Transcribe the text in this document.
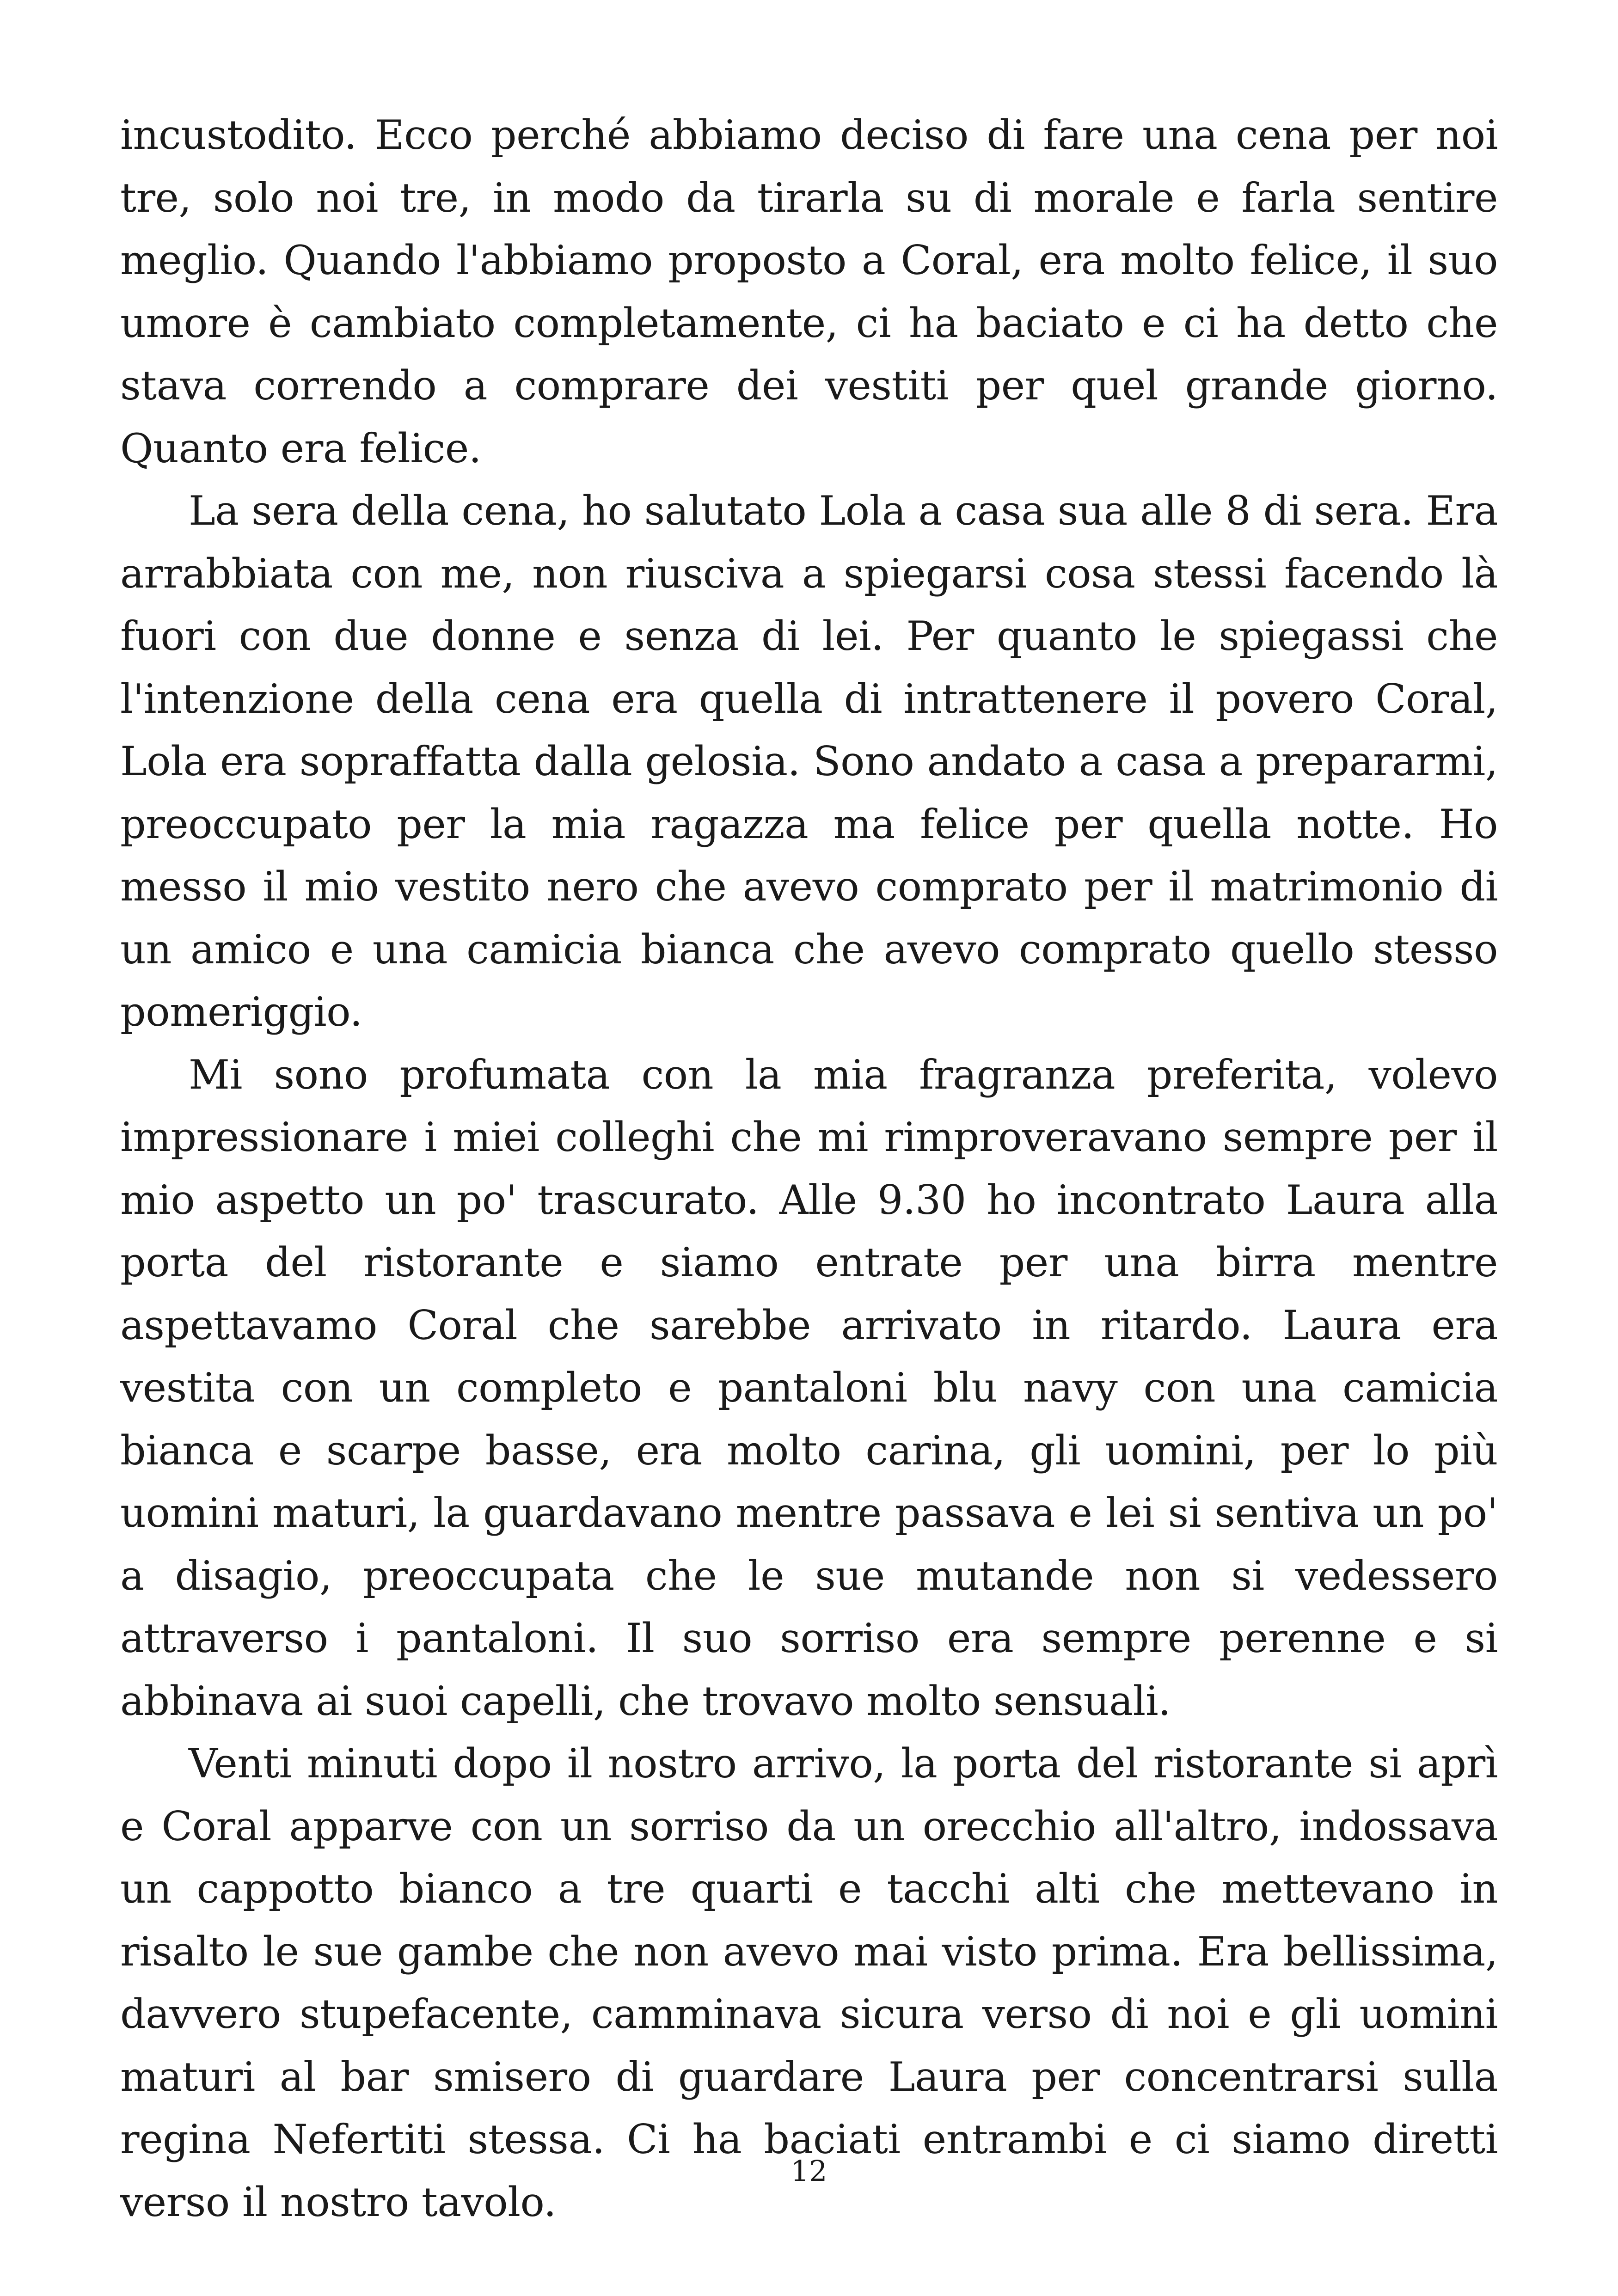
incustodito. Ecco perché abbiamo deciso di fare una cena per noi tre, solo noi tre, in modo da tirarla su di morale e farla sentire meglio. Quando l'abbiamo proposto a Coral, era molto felice, il suo umore è cambiato completamente, ci ha baciato e ci ha detto che stava correndo a comprare dei vestiti per quel grande giorno. Quanto era felice.

La sera della cena, ho salutato Lola a casa sua alle 8 di sera. Era arrabbiata con me, non riusciva a spiegarsi cosa stessi facendo là fuori con due donne e senza di lei. Per quanto le spiegassi che l'intenzione della cena era quella di intrattenere il povero Coral, Lola era sopraffatta dalla gelosia. Sono andato a casa a prepararmi, preoccupato per la mia ragazza ma felice per quella notte. Ho messo il mio vestito nero che avevo comprato per il matrimonio di un amico e una camicia bianca che avevo comprato quello stesso pomeriggio.

Mi sono profumata con la mia fragranza preferita, volevo impressionare i miei colleghi che mi rimproveravano sempre per il mio aspetto un po' trascurato. Alle 9.30 ho incontrato Laura alla porta del ristorante e siamo entrate per una birra mentre aspettavamo Coral che sarebbe arrivato in ritardo. Laura era vestita con un completo e pantaloni blu navy con una camicia bianca e scarpe basse, era molto carina, gli uomini, per lo più uomini maturi, la guardavano mentre passava e lei si sentiva un po' a disagio, preoccupata che le sue mutande non si vedessero attraverso i pantaloni. Il suo sorriso era sempre perenne e si abbinava ai suoi capelli, che trovavo molto sensuali.

Venti minuti dopo il nostro arrivo, la porta del ristorante si aprì e Coral apparve con un sorriso da un orecchio all'altro, indossava un cappotto bianco a tre quarti e tacchi alti che mettevano in risalto le sue gambe che non avevo mai visto prima. Era bellissima, davvero stupefacente, camminava sicura verso di noi e gli uomini maturi al bar smisero di guardare Laura per concentrarsi sulla regina Nefertiti stessa. Ci ha baciati entrambi e ci siamo diretti verso il nostro tavolo.

12
